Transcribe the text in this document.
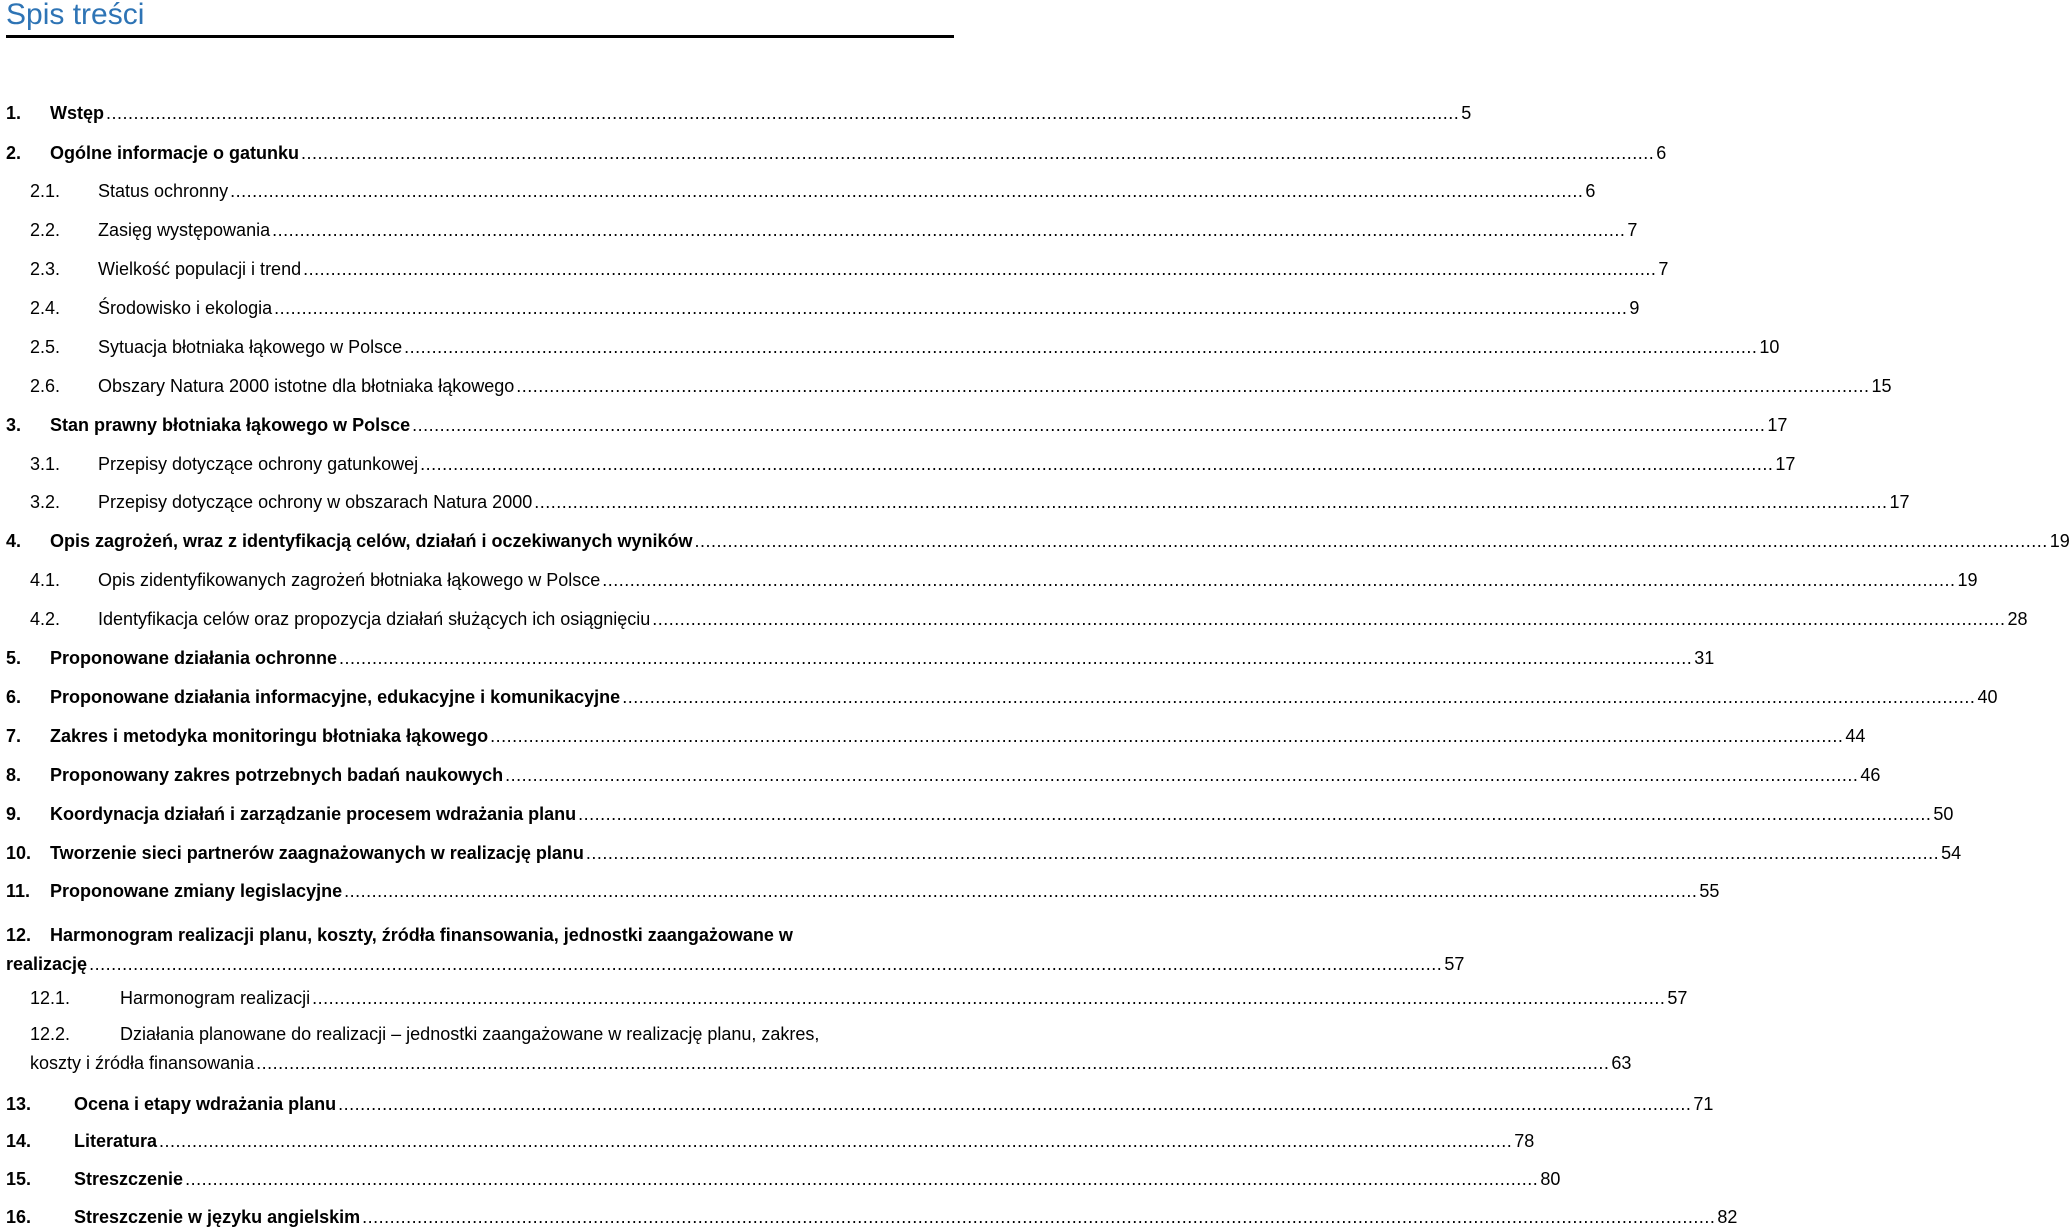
Spis treści
12. Harmonogram realizacji planu, koszty, źródła finansowania, jednostki zaangażowane w
realizację .....	57
12.1.	Harmonogram realizacji .....	57
12.2.	Działania planowane do realizacji – jednostki zaangażowane w realizację planu, zakres,
koszty i źródła finansowania .....	63
1.	Wstęp .....	5
2.	Ogólne informacje o gatunku .....	6
2.1.	Status ochronny .....	6
2.2.	Zasięg występowania .....	7
2.3.	Wielkość populacji i trend .....	7
2.4.	Środowisko i ekologia .....	9
2.5.	Sytuacja błotniaka łąkowego w Polsce .....	10
2.6.	Obszary Natura 2000 istotne dla błotniaka łąkowego .....	15
3.	Stan prawny błotniaka łąkowego w Polsce .....	17
3.1.	Przepisy dotyczące ochrony gatunkowej .....	17
3.2.	Przepisy dotyczące ochrony w obszarach Natura 2000 .....	17
4.	Opis zagrożeń, wraz z identyfikacją celów, działań i oczekiwanych wyników .....	19
4.1.	Opis zidentyfikowanych zagrożeń błotniaka łąkowego w Polsce .....	19
4.2.	Identyfikacja celów oraz propozycja działań służących ich osiągnięciu .....	28
5.	Proponowane działania ochronne .....	31
6.	Proponowane działania informacyjne, edukacyjne i komunikacyjne .....	40
7.	Zakres i metodyka monitoringu błotniaka łąkowego .....	44
8.	Proponowany zakres potrzebnych badań naukowych .....	46
9.	Koordynacja działań i zarządzanie procesem wdrażania planu .....	50
10.	Tworzenie sieci partnerów zaagnażowanych w realizację planu .....	54
11.	Proponowane zmiany legislacyjne .....	55
13.	Ocena i etapy wdrażania planu .....	71
14.	Literatura .....	78
15.	Streszczenie .....	80
16.	Streszczenie w języku angielskim .....	82
